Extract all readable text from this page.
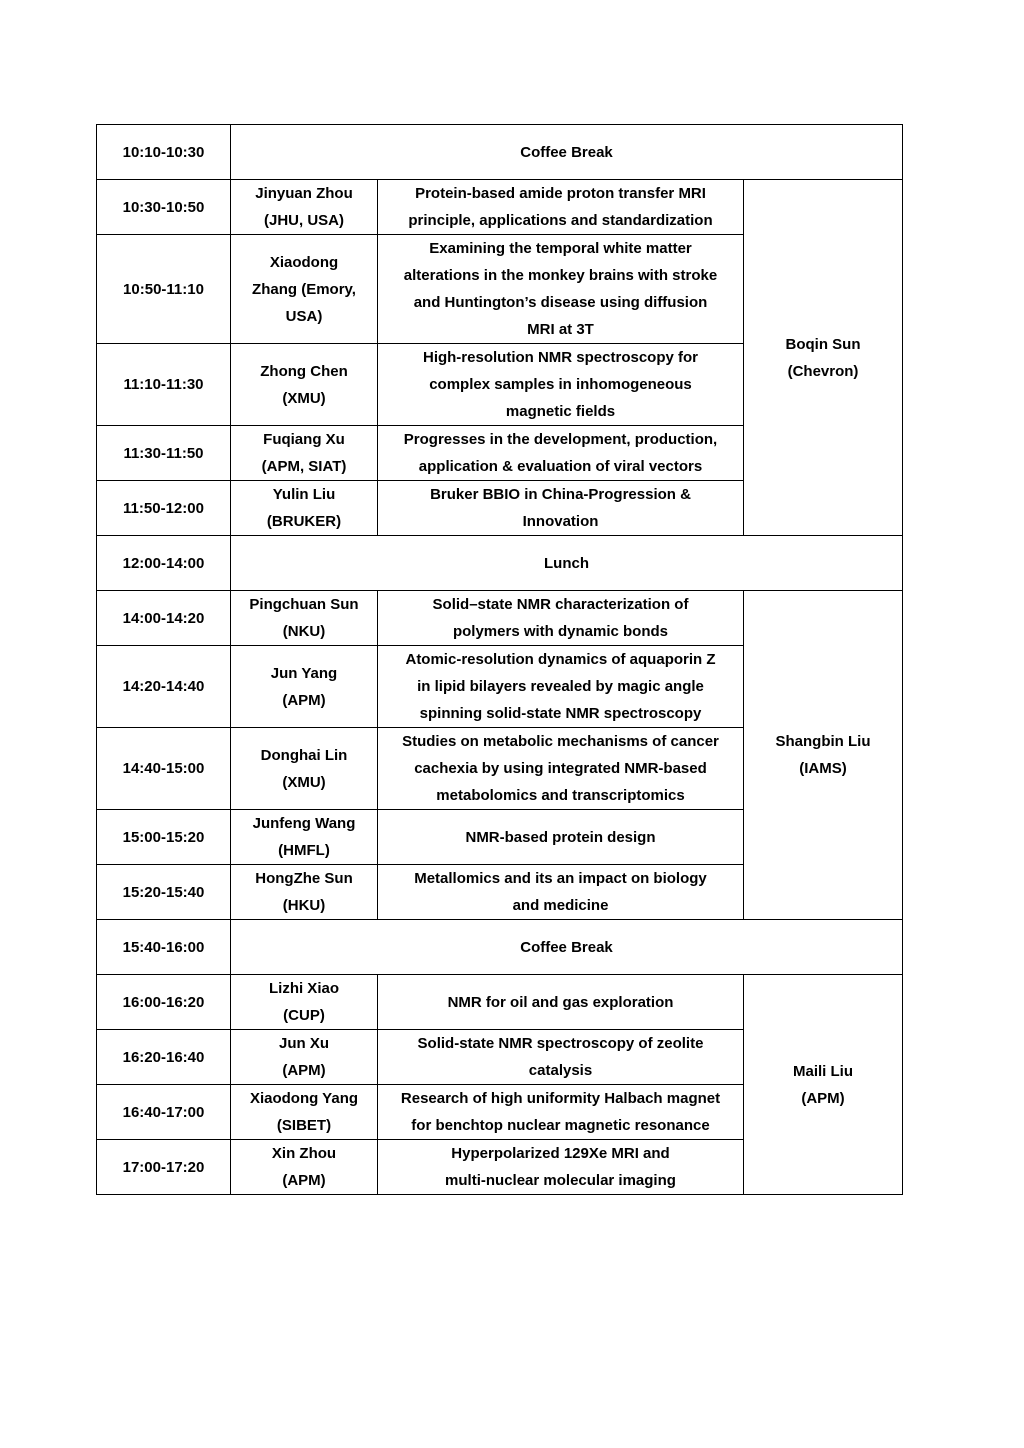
10:10-10:30	Coffee Break		
10:30-10:50	Jinyuan Zhou
(JHU, USA)	Protein-based amide proton transfer MRI
principle, applications and standardization	Boqin Sun
(Chevron)

10:50-11:10	Xiaodong
Zhang (Emory,
USA)	Examining the temporal white matter
alterations in the monkey brains with stroke
and Huntington’s disease using diffusion
MRI at 3T	

11:10-11:30	Zhong Chen
(XMU)	High-resolution NMR spectroscopy for
complex samples in inhomogeneous
magnetic fields	

11:30-11:50	Fuqiang Xu
(APM, SIAT)	Progresses in the development, production,
application & evaluation of viral vectors	

11:50-12:00	Yulin Liu
(BRUKER)	Bruker BBIO in China-Progression &
Innovation	

12:00-14:00	Lunch		
14:00-14:20	Pingchuan Sun
(NKU)	Solid–state NMR characterization of
polymers with dynamic bonds	Shangbin Liu
(IAMS)

14:20-14:40	Jun Yang
(APM)	Atomic-resolution dynamics of aquaporin Z
in lipid bilayers revealed by magic angle
spinning solid-state NMR spectroscopy	

14:40-15:00	Donghai Lin
(XMU)	Studies on metabolic mechanisms of cancer
cachexia by using integrated NMR-based
metabolomics and transcriptomics	

15:00-15:20	Junfeng Wang
(HMFL)	NMR-based protein design	

15:20-15:40	HongZhe Sun
(HKU)	Metallomics and its an impact on biology
and medicine	

15:40-16:00	Coffee Break		
16:00-16:20	Lizhi Xiao
(CUP)	NMR for oil and gas exploration	Maili Liu
(APM)

16:20-16:40	Jun Xu
(APM)	Solid-state NMR spectroscopy of zeolite
catalysis	

16:40-17:00	Xiaodong Yang
(SIBET)	Research of high uniformity Halbach magnet
for benchtop nuclear magnetic resonance	

17:00-17:20	Xin Zhou
(APM)	Hyperpolarized 129Xe MRI and
multi-nuclear molecular imaging	
